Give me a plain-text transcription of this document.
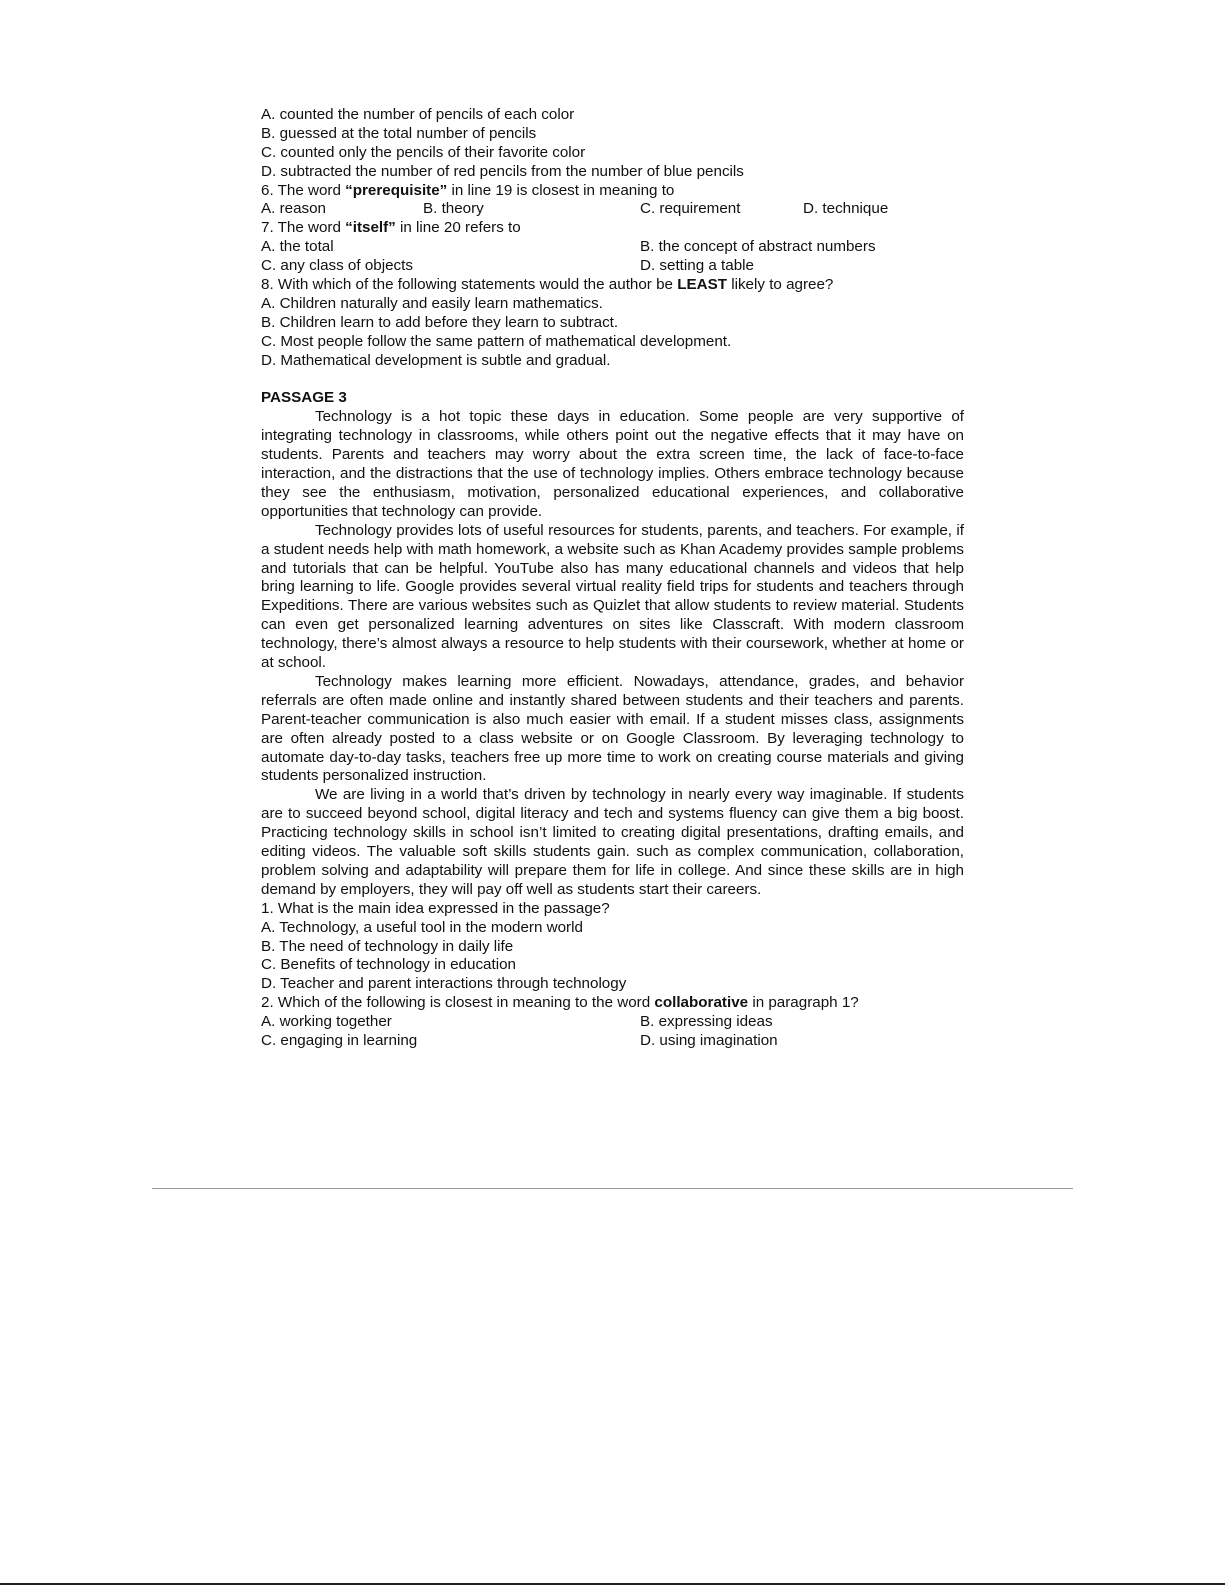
A. counted the number of pencils of each color
B. guessed at the total number of pencils
C. counted only the pencils of their favorite color
D. subtracted the number of red pencils from the number of blue pencils
6. The word “prerequisite” in line 19 is closest in meaning to
A. reason	B. theory	C. requirement	D. technique
7. The word “itself” in line 20 refers to
A. the total	B. the concept of abstract numbers
C. any class of objects	D. setting a table
8. With which of the following statements would the author be LEAST likely to agree?
A. Children naturally and easily learn mathematics.
B. Children learn to add before they learn to subtract.
C. Most people follow the same pattern of mathematical development.
D. Mathematical development is subtle and gradual.
PASSAGE 3

Technology is a hot topic these days in education. Some people are very supportive of integrating technology in classrooms, while others point out the negative effects that it may have on students. Parents and teachers may worry about the extra screen time, the lack of face-to-face interaction, and the distractions that the use of technology implies. Others embrace technology because they see the enthusiasm, motivation, personalized educational experiences, and collaborative opportunities that technology can provide.

Technology provides lots of useful resources for students, parents, and teachers. For example, if a student needs help with math homework, a website such as Khan Academy provides sample problems and tutorials that can be helpful. YouTube also has many educational channels and videos that help bring learning to life. Google provides several virtual reality field trips for students and teachers through Expeditions. There are various websites such as Quizlet that allow students to review material. Students can even get personalized learning adventures on sites like Classcraft. With modern classroom technology, there’s almost always a resource to help students with their coursework, whether at home or at school.

Technology makes learning more efficient. Nowadays, attendance, grades, and behavior referrals are often made online and instantly shared between students and their teachers and parents. Parent-teacher communication is also much easier with email. If a student misses class, assignments are often already posted to a class website or on Google Classroom. By leveraging technology to automate day-to-day tasks, teachers free up more time to work on creating course materials and giving students personalized instruction.

We are living in a world that’s driven by technology in nearly every way imaginable. If students are to succeed beyond school, digital literacy and tech and systems fluency can give them a big boost. Practicing technology skills in school isn’t limited to creating digital presentations, drafting emails, and editing videos. The valuable soft skills students gain. such as complex communication, collaboration, problem solving and adaptability will prepare them for life in college. And since these skills are in high demand by employers, they will pay off well as students start their careers.

1. What is the main idea expressed in the passage?
A. Technology, a useful tool in the modern world
B. The need of technology in daily life
C. Benefits of technology in education
D. Teacher and parent interactions through technology
2. Which of the following is closest in meaning to the word collaborative in paragraph 1?
A. working together	B. expressing ideas
C. engaging in learning	D. using imagination
